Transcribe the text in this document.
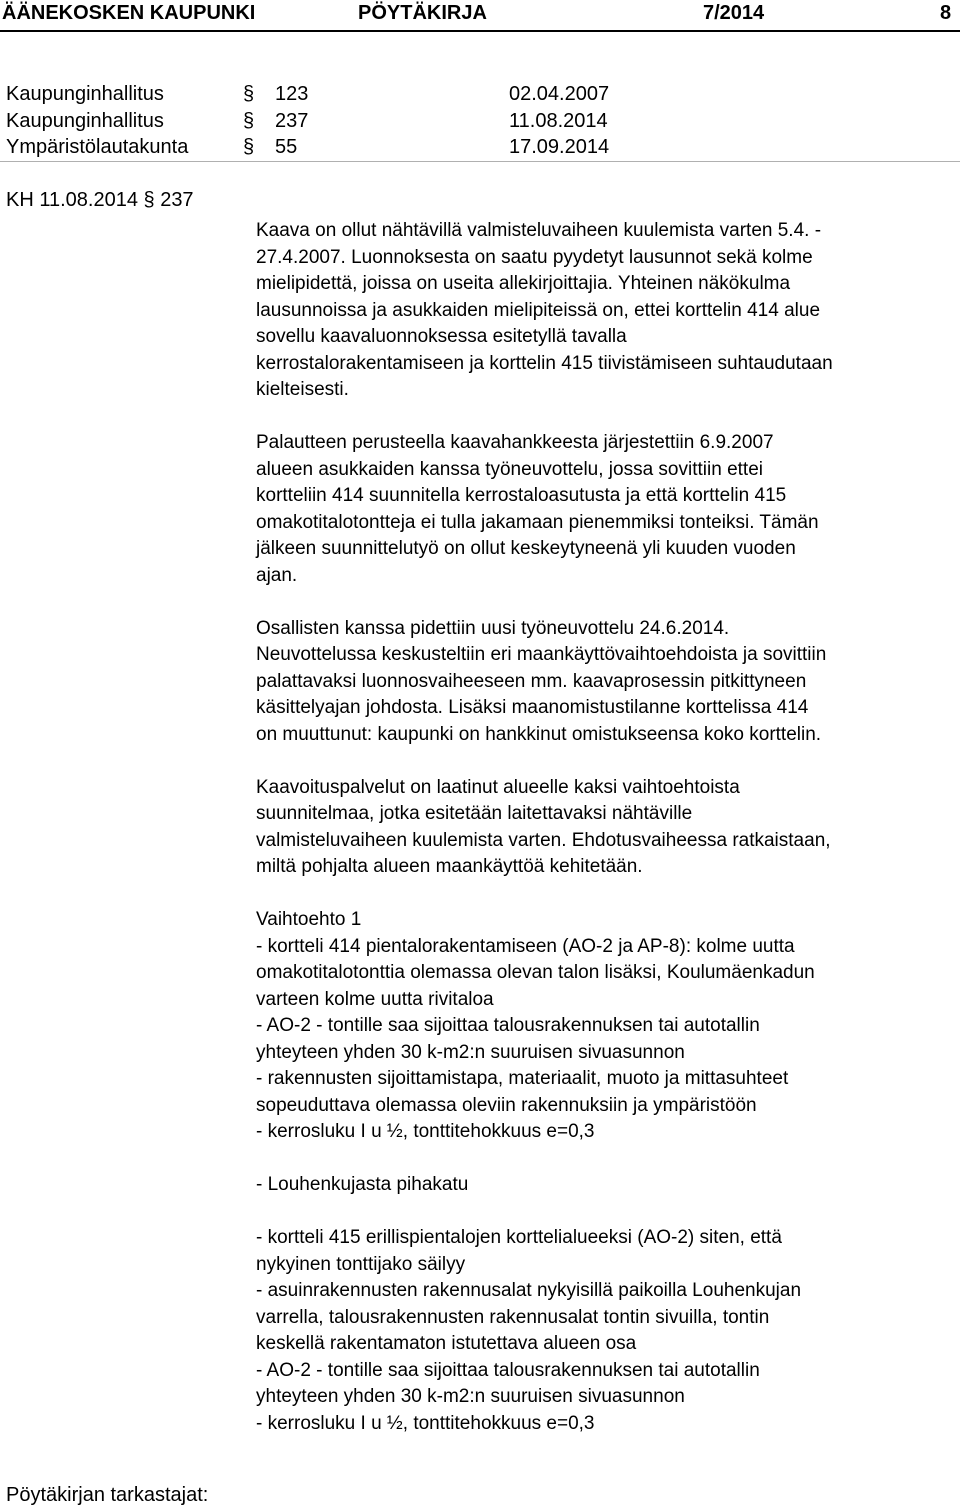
ÄÄNEKOSKEN KAUPUNKI	PÖYTÄKIRJA	7/2014	8
Kaupunginhallitus	§ 123	02.04.2007
Kaupunginhallitus	§ 237	11.08.2014
Ympäristölautakunta	§ 55	17.09.2014
KH 11.08.2014 § 237

Kaava on ollut nähtävillä valmisteluvaiheen kuulemista varten 5.4. -
27.4.2007. Luonnoksesta on saatu pyydetyt lausunnot sekä kolme
mielipidettä, joissa on useita allekirjoittajia. Yhteinen näkökulma
lausunnoissa ja asukkaiden mielipiteissä on, ettei korttelin 414 alue
sovellu kaavaluonnoksessa esitetyllä tavalla
kerrostalorakentamiseen ja korttelin 415 tiivistämiseen suhtaudutaan
kielteisesti.

Palautteen perusteella kaavahankkeesta järjestettiin 6.9.2007
alueen asukkaiden kanssa työneuvottelu, jossa sovittiin ettei
kortteliin 414 suunnitella kerrostaloasutusta ja että korttelin 415
omakotitalotontteja ei tulla jakamaan pienemmiksi tonteiksi. Tämän
jälkeen suunnittelutyö on ollut keskeytyneenä yli kuuden vuoden
ajan.

Osallisten kanssa pidettiin uusi työneuvottelu 24.6.2014.
Neuvottelussa keskusteltiin eri maankäyttövaihtoehdoista ja sovittiin
palattavaksi luonnosvaiheeseen mm. kaavaprosessin pitkittyneen
käsittelyajan johdosta. Lisäksi maanomistustilanne korttelissa 414
on muuttunut: kaupunki on hankkinut omistukseensa koko korttelin.

Kaavoituspalvelut on laatinut alueelle kaksi vaihtoehtoista
suunnitelmaa, jotka esitetään laitettavaksi nähtäville
valmisteluvaiheen kuulemista varten. Ehdotusvaiheessa ratkaistaan,
miltä pohjalta alueen maankäyttöä kehitetään.

Vaihtoehto 1
- kortteli 414 pientalorakentamiseen (AO-2 ja AP-8): kolme uutta
omakotitalotonttia olemassa olevan talon lisäksi, Koulumäenkadun
varteen kolme uutta rivitaloa
- AO-2 - tontille saa sijoittaa talousrakennuksen tai autotallin
yhteyteen yhden 30 k-m2:n suuruisen sivuasunnon
- rakennusten sijoittamistapa, materiaalit, muoto ja mittasuhteet
sopeuduttava olemassa oleviin rakennuksiin ja ympäristöön
- kerrosluku I u ½, tonttitehokkuus e=0,3

- Louhenkujasta pihakatu

- kortteli 415 erillispientalojen korttelialueeksi (AO-2) siten, että
nykyinen tonttijako säilyy
- asuinrakennusten rakennusalat nykyisillä paikoilla Louhenkujan
varrella, talousrakennusten rakennusalat tontin sivuilla, tontin
keskellä rakentamaton istutettava alueen osa
- AO-2 - tontille saa sijoittaa talousrakennuksen tai autotallin
yhteyteen yhden 30 k-m2:n suuruisen sivuasunnon
- kerrosluku I u ½, tonttitehokkuus e=0,3

Pöytäkirjan tarkastajat:
